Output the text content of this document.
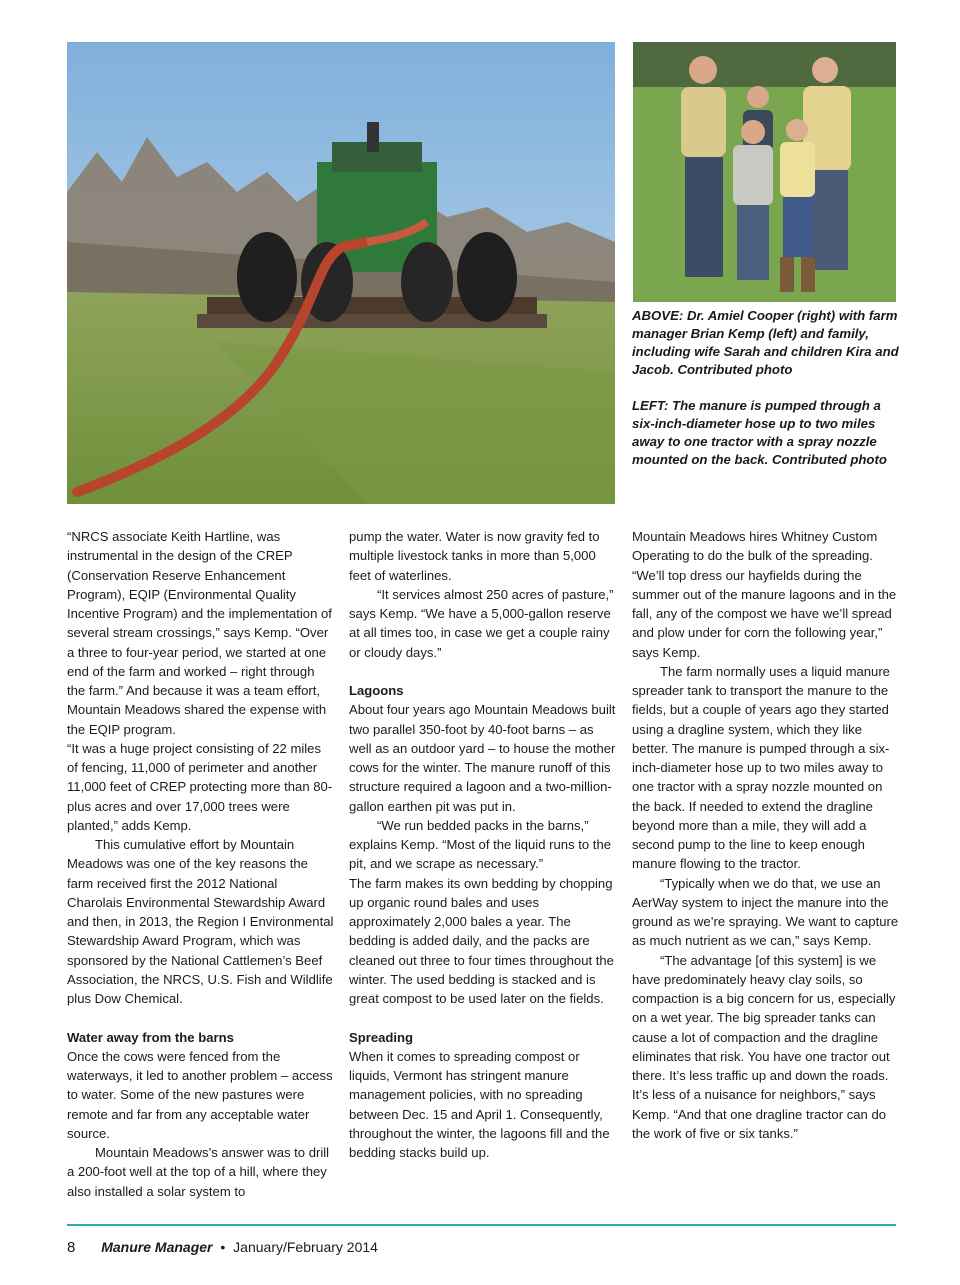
ABOVE: Dr. Amiel Cooper (right) with farm manager Brian Kemp (left) and family, including wife Sarah and children Kira and Jacob. Contributed photo

LEFT: The manure is pumped through a six-inch-diameter hose up to two miles away to one tractor with a spray nozzle mounted on the back. Contributed photo

“NRCS associate Keith Hartline, was instrumental in the design of the CREP (Conservation Reserve Enhancement Program), EQIP (Environmental Quality Incentive Program) and the implementation of several stream crossings,” says Kemp. “Over a three to four-year period, we started at one end of the farm and worked – right through the farm.” And because it was a team effort, Mountain Meadows shared the expense with the EQIP program.

“It was a huge project consisting of 22 miles of fencing, 11,000 of perimeter and another 11,000 feet of CREP protecting more than 80-plus acres and over 17,000 trees were planted,” adds Kemp.

This cumulative effort by Mountain Meadows was one of the key reasons the farm received first the 2012 National Charolais Environmental Stewardship Award and then, in 2013, the Region I Environmental Stewardship Award Program, which was sponsored by the National Cattlemen’s Beef Association, the NRCS, U.S. Fish and Wildlife plus Dow Chemical.

Water away from the barns

Once the cows were fenced from the waterways, it led to another problem – access to water. Some of the new pastures were remote and far from any acceptable water source.

Mountain Meadows’s answer was to drill a 200-foot well at the top of a hill, where they also installed a solar system to

pump the water. Water is now gravity fed to multiple livestock tanks in more than 5,000 feet of waterlines.

“It services almost 250 acres of pasture,” says Kemp. “We have a 5,000-gallon reserve at all times too, in case we get a couple rainy or cloudy days.”

Lagoons

About four years ago Mountain Meadows built two parallel 350-foot by 40-foot barns – as well as an outdoor yard – to house the mother cows for the winter. The manure runoff of this structure required a lagoon and a two-million-gallon earthen pit was put in.

“We run bedded packs in the barns,” explains Kemp. “Most of the liquid runs to the pit, and we scrape as necessary.”

The farm makes its own bedding by chopping up organic round bales and uses approximately 2,000 bales a year. The bedding is added daily, and the packs are cleaned out three to four times throughout the winter. The used bedding is stacked and is great compost to be used later on the fields.

Spreading

When it comes to spreading compost or liquids, Vermont has stringent manure management policies, with no spreading between Dec. 15 and April 1. Consequently, throughout the winter, the lagoons fill and the bedding stacks build up.

Mountain Meadows hires Whitney Custom Operating to do the bulk of the spreading. “We’ll top dress our hayfields during the summer out of the manure lagoons and in the fall, any of the compost we have we’ll spread and plow under for corn the following year,” says Kemp.

The farm normally uses a liquid manure spreader tank to transport the manure to the fields, but a couple of years ago they started using a dragline system, which they like better. The manure is pumped through a six-inch-diameter hose up to two miles away to one tractor with a spray nozzle mounted on the back. If needed to extend the dragline beyond more than a mile, they will add a second pump to the line to keep enough manure flowing to the tractor.

“Typically when we do that, we use an AerWay system to inject the manure into the ground as we’re spraying. We want to capture as much nutrient as we can,” says Kemp.

“The advantage [of this system] is we have predominately heavy clay soils, so compaction is a big concern for us, especially on a wet year. The big spreader tanks can cause a lot of compaction and the dragline eliminates that risk. You have one tractor out there. It’s less traffic up and down the roads. It’s less of a nuisance for neighbors,” says Kemp. “And that one dragline tractor can do the work of five or six tanks.”

8 Manure Manager • January/February 2014
